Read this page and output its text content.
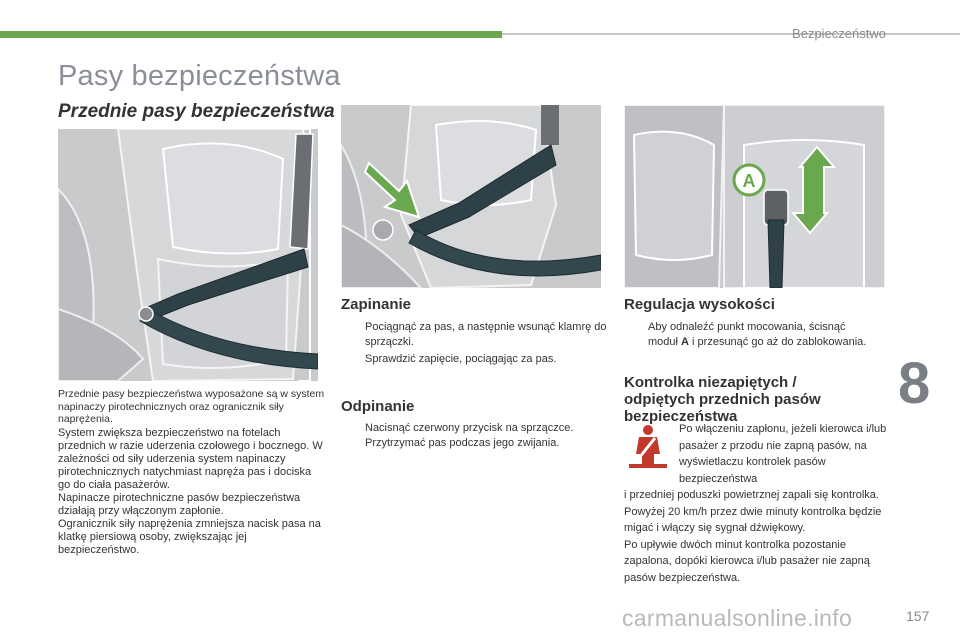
Bezpieczeństwo
Pasy bezpieczeństwa
Przednie pasy bezpieczeństwa
A

Przednie pasy bezpieczeństwa wyposażone są w system napinaczy pirotechnicznych oraz ogranicznik siły naprężenia.

System zwiększa bezpieczeństwo na fotelach przednich w razie uderzenia czołowego i bocznego. W zależności od siły uderzenia system napinaczy pirotechnicznych natychmiast napręża pas i dociska go do ciała pasażerów.

Napinacze pirotechniczne pasów bezpieczeństwa działają przy włączonym zapłonie.

Ogranicznik siły naprężenia zmniejsza nacisk pasa na klatkę piersiową osoby, zwiększając jej bezpieczeństwo.

Zapinanie
Pociągnąć za pas, a następnie wsunąć klamrę do sprzączki.
Sprawdzić zapięcie, pociągając za pas.
Odpinanie
Nacisnąć czerwony przycisk na sprzączce.
Przytrzymać pas podczas jego zwijania.
Regulacja wysokości
Aby odnaleźć punkt mocowania, ścisnąć moduł A i przesunąć go aż do zablokowania.
Kontrolka niezapiętych / odpiętych przednich pasów bezpieczeństwa
Po włączeniu zapłonu, jeżeli kierowca i/lub pasażer z przodu nie zapną pasów, na wyświetlaczu kontrolek pasów bezpieczeństwa

i przedniej poduszki powietrznej zapali się kontrolka.

Powyżej 20 km/h przez dwie minuty kontrolka będzie migać i włączy się sygnał dźwiękowy.

Po upływie dwóch minut kontrolka pozostanie zapalona, dopóki kierowca i/lub pasażer nie zapną pasów bezpieczeństwa.

8
carmanualsonline.info	157
